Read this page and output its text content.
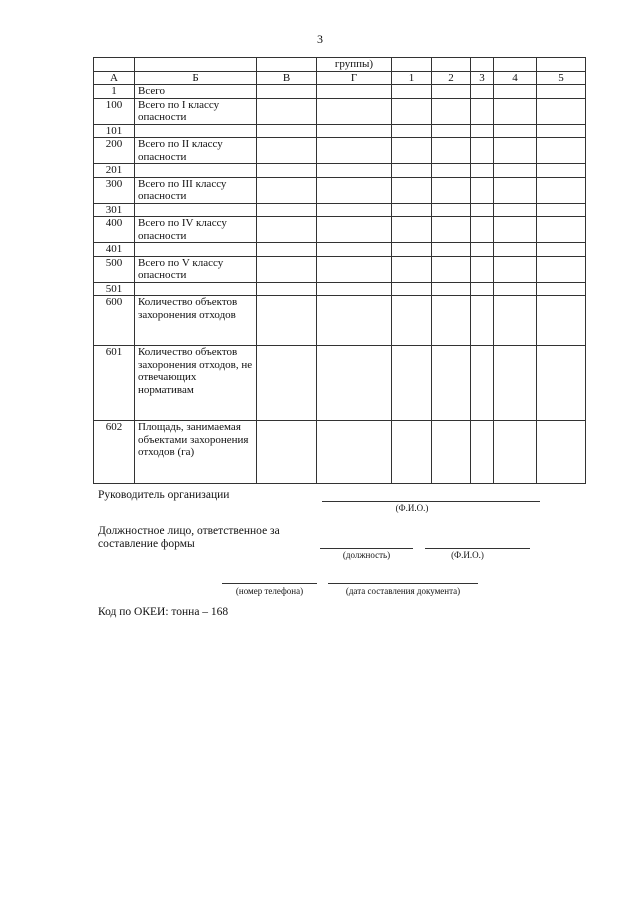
3
			группы)					
А	Б	В	Г	1	2	3	4	5
1	Всего							
100	Всего по I классу опасности							
101								
200	Всего по II классу опасности							
201								
300	Всего по III классу опасности							
301								
400	Всего по IV классу опасности							
401								
500	Всего по V классу опасности							
501								
600	Количество объектов захоронения отходов							
601	Количество объектов захоронения отходов, не отвечающих нормативам							
602	Площадь, занимаемая объектами захоронения отходов (га)							
Руководитель организации
(Ф.И.О.)
Должностное лицо, ответственное за составление формы
(должность)	(Ф.И.О.)
(номер телефона)	(дата составления документа)
Код по ОКЕИ: тонна – 168
